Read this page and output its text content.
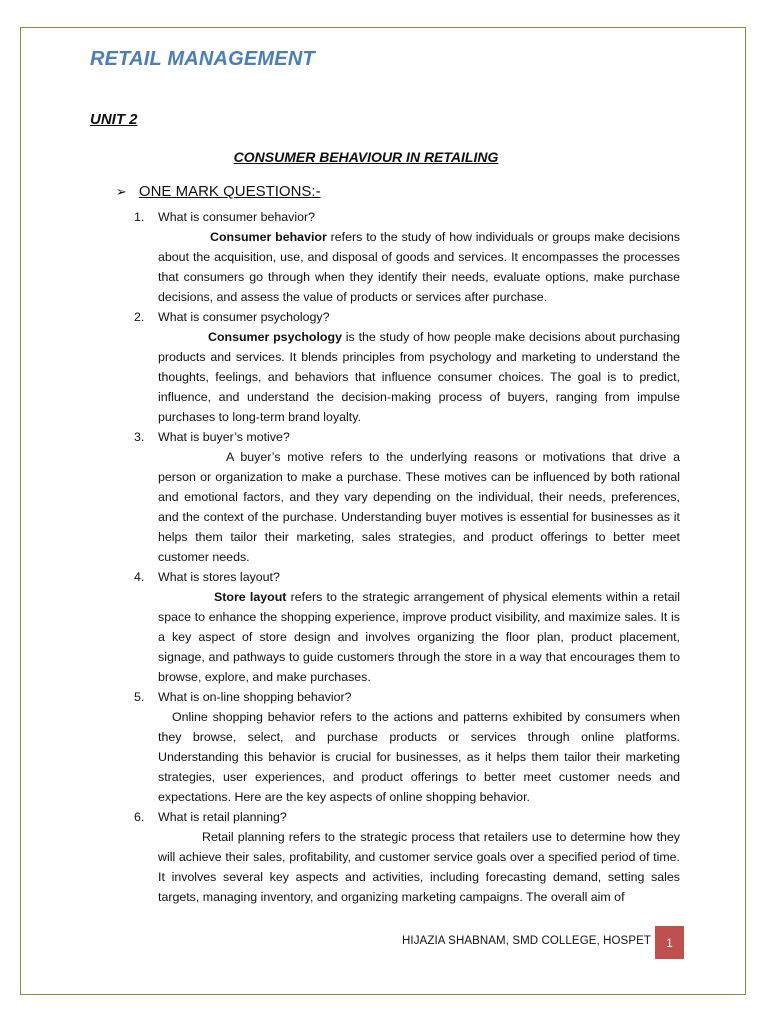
RETAIL MANAGEMENT
UNIT 2
CONSUMER BEHAVIOUR IN RETAILING
➢ ONE MARK QUESTIONS:-
1. What is consumer behavior?
Consumer behavior refers to the study of how individuals or groups make decisions about the acquisition, use, and disposal of goods and services. It encompasses the processes that consumers go through when they identify their needs, evaluate options, make purchase decisions, and assess the value of products or services after purchase.
2. What is consumer psychology?
Consumer psychology is the study of how people make decisions about purchasing products and services. It blends principles from psychology and marketing to understand the thoughts, feelings, and behaviors that influence consumer choices. The goal is to predict, influence, and understand the decision-making process of buyers, ranging from impulse purchases to long-term brand loyalty.
3. What is buyer’s motive?
A buyer’s motive refers to the underlying reasons or motivations that drive a person or organization to make a purchase. These motives can be influenced by both rational and emotional factors, and they vary depending on the individual, their needs, preferences, and the context of the purchase. Understanding buyer motives is essential for businesses as it helps them tailor their marketing, sales strategies, and product offerings to better meet customer needs.
4. What is stores layout?
Store layout refers to the strategic arrangement of physical elements within a retail space to enhance the shopping experience, improve product visibility, and maximize sales. It is a key aspect of store design and involves organizing the floor plan, product placement, signage, and pathways to guide customers through the store in a way that encourages them to browse, explore, and make purchases.
5. What is on-line shopping behavior?
Online shopping behavior refers to the actions and patterns exhibited by consumers when they browse, select, and purchase products or services through online platforms. Understanding this behavior is crucial for businesses, as it helps them tailor their marketing strategies, user experiences, and product offerings to better meet customer needs and expectations. Here are the key aspects of online shopping behavior.
6. What is retail planning?
Retail planning refers to the strategic process that retailers use to determine how they will achieve their sales, profitability, and customer service goals over a specified period of time. It involves several key aspects and activities, including forecasting demand, setting sales targets, managing inventory, and organizing marketing campaigns. The overall aim of
HIJAZIA SHABNAM, SMD COLLEGE, HOSPET	1
